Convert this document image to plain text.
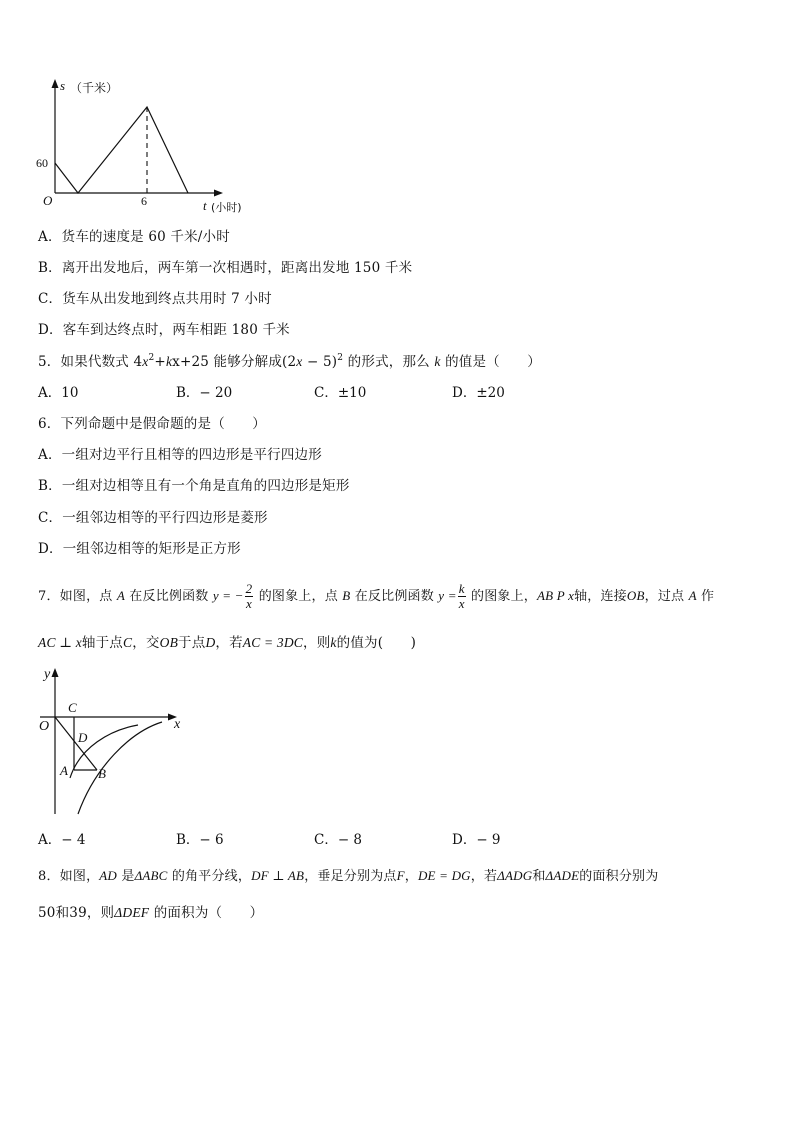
s （千米）
60
O	6	t (小时)
A．货车的速度是 60 千米/小时
B．离开出发地后，两车第一次相遇时，距离出发地 150 千米
C．货车从出发地到终点共用时 7 小时
D．客车到达终点时，两车相距 180 千米
5．如果代数式 $4x^2+kx+25$ 能够分解成$(2x - 5)^2$ 的形式，那么 k 的值是（　　）
A．10	B．− 20	C．±10	D．±20
6．下列命题中是假命题的是（　　）
A．一组对边平行且相等的四边形是平行四边形
B．一组对边相等且有一个角是直角的四边形是矩形
C．一组邻边相等的平行四边形是菱形
D．一组邻边相等的矩形是正方形
7．如图，点 A 在反比例函数 y = − $\frac{2}{x}$ 的图象上，点 B 在反比例函数 $y = \frac{k}{x}$ 的图象上，AB P x轴，连接OB，过点 A 作
AC ⊥ x轴于点C，交OB于点D，若AC = 3DC，则k的值为(　　)
y
x
O
C
D
A B
A．− 4	B．− 6	C．− 8	D．− 9
8．如图，AD 是ΔABC 的角平分线，DF ⊥ AB，垂足分别为点F，DE = DG，若ΔADG和ΔADE的面积分别为
50和39，则ΔDEF 的面积为（　　）
